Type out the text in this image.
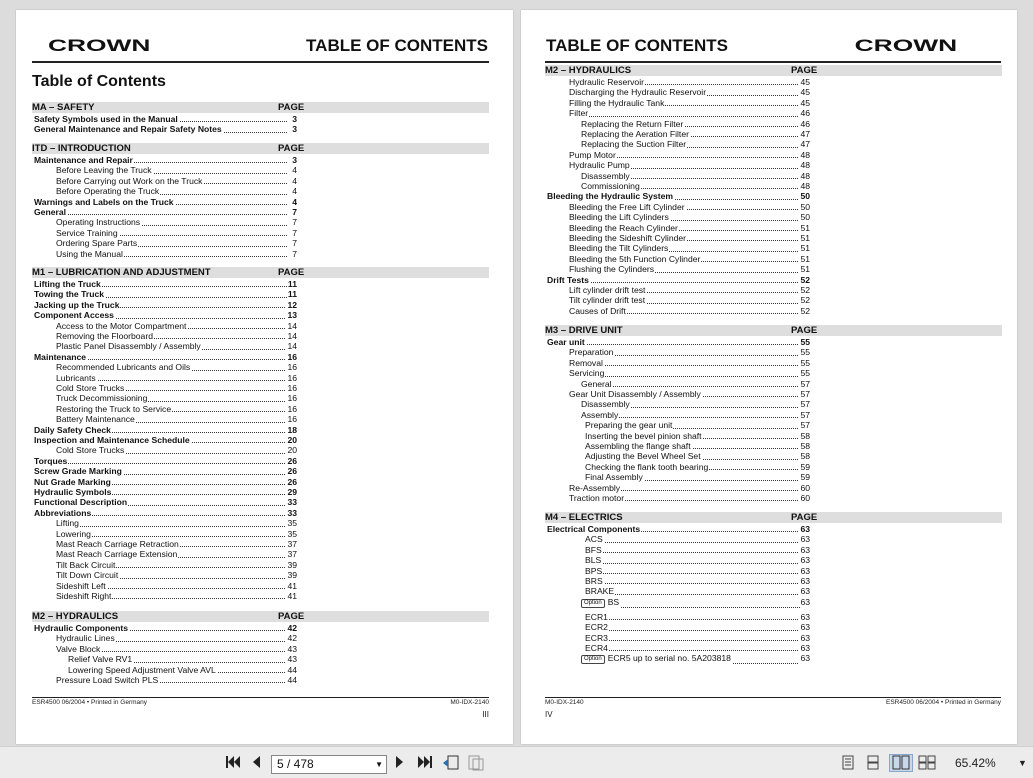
CROWN	TABLE OF CONTENTS
Table of Contents
MA – SAFETY	PAGE
Safety Symbols used in the Manual	3
General Maintenance and Repair Safety Notes	3
ITD – INTRODUCTION	PAGE
Maintenance and Repair	3
Before Leaving the Truck	4
Before Carrying out Work on the Truck	4
Before Operating the Truck	4
Warnings and Labels on the Truck	4
General	7
Operating Instructions	7
Service Training	7
Ordering Spare Parts	7
Using the Manual	7
M1 – LUBRICATION AND ADJUSTMENT	PAGE
Lifting the Truck	11
Towing the Truck	11
Jacking up the Truck	12
Component Access	13
Access to the Motor Compartment	14
Removing the Floorboard	14
Plastic Panel Disassembly / Assembly	14
Maintenance	16
Recommended Lubricants and Oils	16
Lubricants	16
Cold Store Trucks	16
Truck Decommissioning	16
Restoring the Truck to Service	16
Battery Maintenance	16
Daily Safety Check	18
Inspection and Maintenance Schedule	20
Cold Store Trucks	20
Torques	26
Screw Grade Marking	26
Nut Grade Marking	26
Hydraulic Symbols	29
Functional Description	33
Abbreviations	33
Lifting	35
Lowering	35
Mast Reach Carriage Retraction	37
Mast Reach Carriage Extension	37
Tilt Back Circuit	39
Tilt Down Circuit	39
Sideshift Left	41
Sideshift Right	41
M2 – HYDRAULICS	PAGE
Hydraulic Components	42
Hydraulic Lines	42
Valve Block	43
Relief Valve RV1	43
Lowering Speed Adjustment Valve AVL	44
Pressure Load Switch PLS	44
ESR4500 06/2004 • Printed in Germany	M0-IDX-2140
III
TABLE OF CONTENTS	CROWN
M2 – HYDRAULICS	PAGE
Hydraulic Reservoir	45
Discharging the Hydraulic Reservoir	45
Filling the Hydraulic Tank	45
Filter	46
Replacing the Return Filter	46
Replacing the Aeration Filter	47
Replacing the Suction Filter	47
Pump Motor	48
Hydraulic Pump	48
Disassembly	48
Commissioning	48
Bleeding the Hydraulic System	50
Bleeding the Free Lift Cylinder	50
Bleeding the Lift Cylinders	50
Bleeding the Reach Cylinder	51
Bleeding the Sideshift Cylinder	51
Bleeding the Tilt Cylinders	51
Bleeding the 5th Function Cylinder	51
Flushing the Cylinders	51
Drift Tests	52
Lift cylinder drift test	52
Tilt cylinder drift test	52
Causes of Drift	52
M3 – DRIVE UNIT	PAGE
Gear unit	55
Preparation	55
Removal	55
Servicing	55
General	57
Gear Unit Disassembly / Assembly	57
Disassembly	57
Assembly	57
Preparing the gear unit	57
Inserting the bevel pinion shaft	58
Assembling the flange shaft	58
Adjusting the Bevel Wheel Set	58
Checking the flank tooth bearing	59
Final Assembly	59
Re-Assembly	60
Traction motor	60
M4 – ELECTRICS	PAGE
Electrical Components	63
ACS	63
BFS	63
BLS	63
BPS	63
BRS	63
BRAKE	63
Option BS	63
ECR1	63
ECR2	63
ECR3	63
ECR4	63
Option ECR5 up to serial no. 5A203818	63
M0-IDX-2140	ESR4500 06/2004 • Printed in Germany
IV
5 / 478	▼	65.42% ▼
